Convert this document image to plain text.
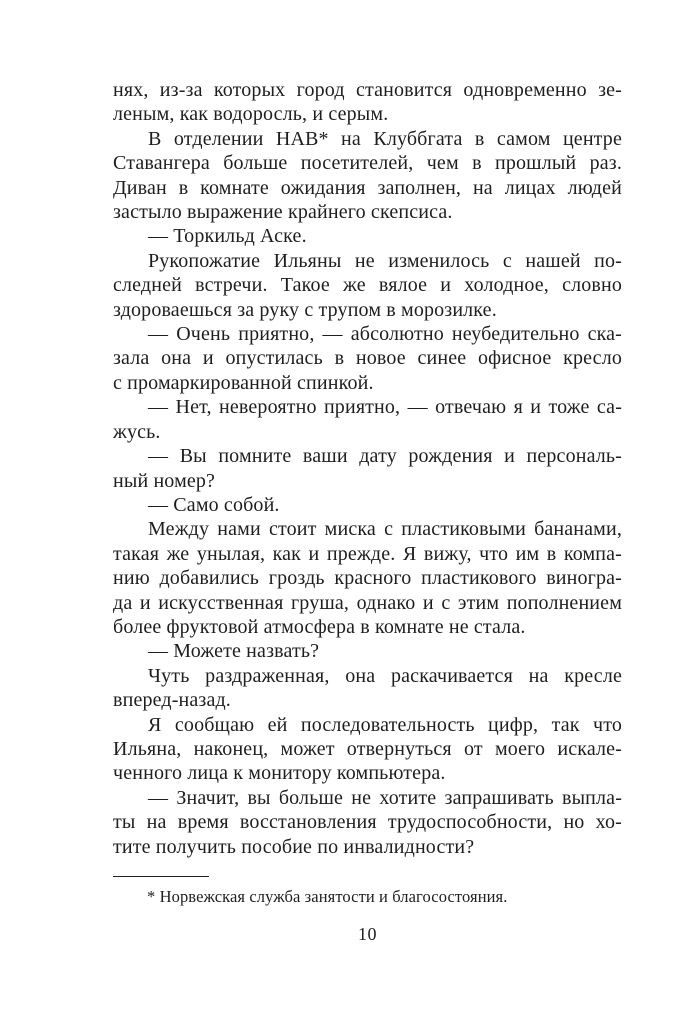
нях, из-за которых город становится одновременно зе-
леным, как водоросль, и серым.
В отделении НАВ* на Клуббгата в самом центре
Ставангера больше посетителей, чем в прошлый раз.
Диван в комнате ожидания заполнен, на лицах людей
застыло выражение крайнего скепсиса.
— Торкильд Аске.
Рукопожатие Ильяны не изменилось с нашей по-
следней встречи. Такое же вялое и холодное, словно
здороваешься за руку с трупом в морозилке.
— Очень приятно, — абсолютно неубедительно ска-
зала она и опустилась в новое синее офисное кресло
с промаркированной спинкой.
— Нет, невероятно приятно, — отвечаю я и тоже са-
жусь.
— Вы помните ваши дату рождения и персональ-
ный номер?
— Само собой.
Между нами стоит миска с пластиковыми бананами,
такая же унылая, как и прежде. Я вижу, что им в компа-
нию добавились гроздь красного пластикового виногра-
да и искусственная груша, однако и с этим пополнением
более фруктовой атмосфера в комнате не стала.
— Можете назвать?
Чуть раздраженная, она раскачивается на кресле
вперед-назад.
Я сообщаю ей последовательность цифр, так что
Ильяна, наконец, может отвернуться от моего искале-
ченного лица к монитору компьютера.
— Значит, вы больше не хотите запрашивать выпла-
ты на время восстановления трудоспособности, но хо-
тите получить пособие по инвалидности?
* Норвежская служба занятости и благосостояния.
10
